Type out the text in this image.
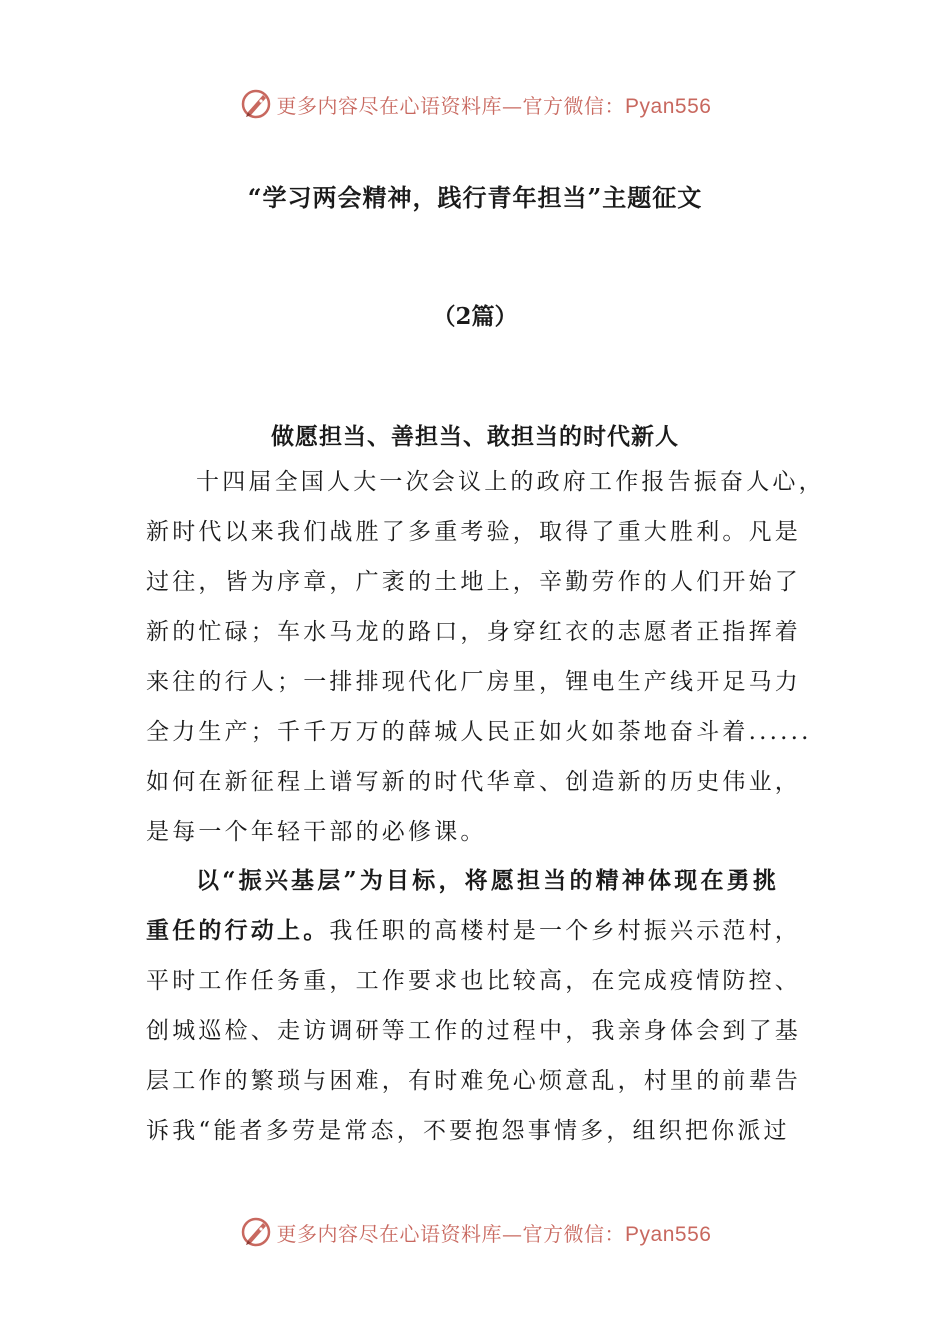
更多内容尽在心语资料库—官方微信：Pyan556
“学习两会精神，践行青年担当”主题征文
（2篇）
做愿担当、善担当、敢担当的时代新人
十四届全国人大一次会议上的政府工作报告振奋人心，
新时代以来我们战胜了多重考验，取得了重大胜利。凡是
过往，皆为序章，广袤的土地上，辛勤劳作的人们开始了
新的忙碌；车水马龙的路口，身穿红衣的志愿者正指挥着
来往的行人；一排排现代化厂房里，锂电生产线开足马力
全力生产；千千万万的薛城人民正如火如荼地奋斗着......
如何在新征程上谱写新的时代华章、创造新的历史伟业，
是每一个年轻干部的必修课。
以“振兴基层”为目标，将愿担当的精神体现在勇挑
重任的行动上。我任职的高楼村是一个乡村振兴示范村，
平时工作任务重，工作要求也比较高，在完成疫情防控、
创城巡检、走访调研等工作的过程中，我亲身体会到了基
层工作的繁琐与困难，有时难免心烦意乱，村里的前辈告
诉我“能者多劳是常态，不要抱怨事情多，组织把你派过
更多内容尽在心语资料库—官方微信：Pyan556
